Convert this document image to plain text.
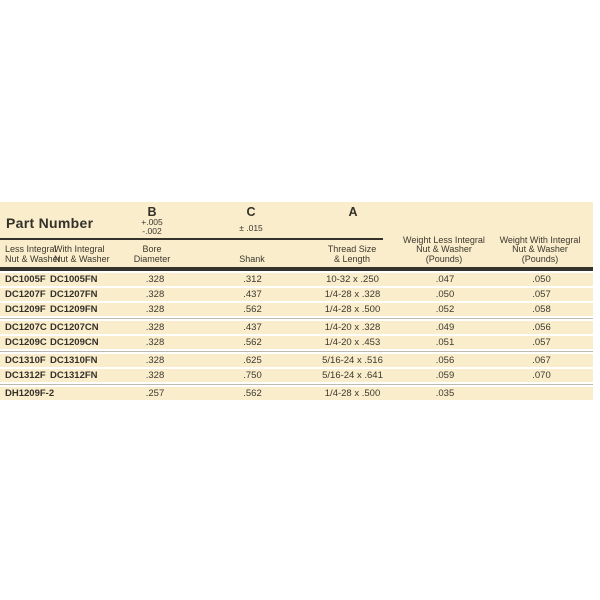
Part Number
B
+.005
-.002
C
± .015
A
Less Integral
Nut & Washer
With Integral
Nut & Washer
Bore
Diameter	Shank
Thread Size
& Length
Weight Less Integral
Nut & Washer
(Pounds)
Weight With Integral
Nut & Washer
(Pounds)
DC1005F DC1005FN	.328	.312	10-32 x .250	.047	.050
DC1207F DC1207FN	.328	.437	1/4-28 x .328	.050	.057
DC1209F DC1209FN	.328	.562	1/4-28 x .500	.052	.058
DC1207C DC1207CN	.328	.437	1/4-20 x .328	.049	.056
DC1209C DC1209CN	.328	.562	1/4-20 x .453	.051	.057
DC1310F DC1310FN	.328	.625	5/16-24 x .516	.056	.067
DC1312F DC1312FN	.328	.750	5/16-24 x .641	.059	.070
DH1209F-2	.257	.562	1/4-28 x .500	.035
